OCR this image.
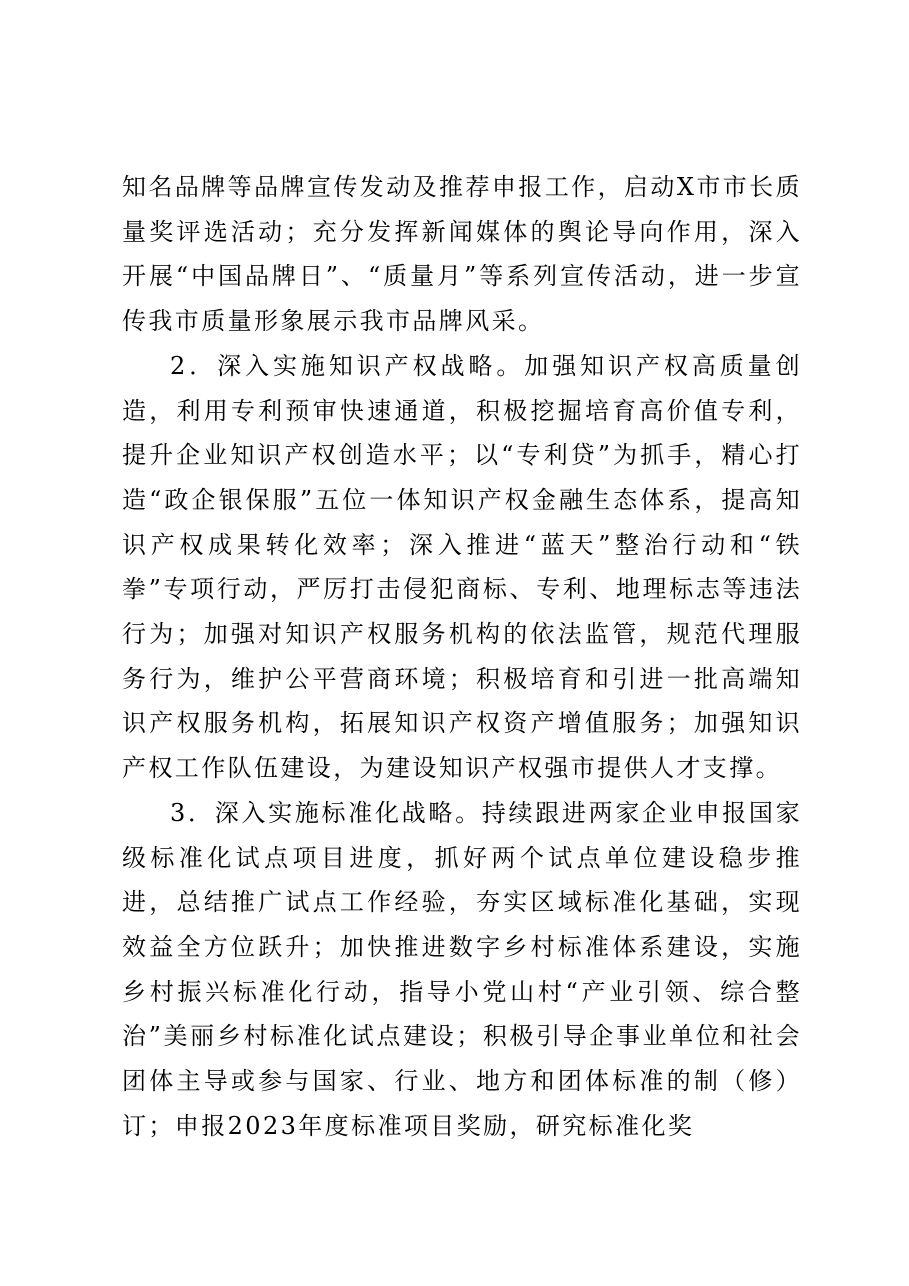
知名品牌等品牌宣传发动及推荐申报工作，启动X市市长质量奖评选活动；充分发挥新闻媒体的舆论导向作用，深入开展“中国品牌日”、“质量月”等系列宣传活动，进一步宣传我市质量形象展示我市品牌风采。

2．深入实施知识产权战略。加强知识产权高质量创造，利用专利预审快速通道，积极挖掘培育高价值专利，提升企业知识产权创造水平；以“专利贷”为抓手，精心打造“政企银保服”五位一体知识产权金融生态体系，提高知识产权成果转化效率；深入推进“蓝天”整治行动和“铁拳”专项行动，严厉打击侵犯商标、专利、地理标志等违法行为；加强对知识产权服务机构的依法监管，规范代理服务行为，维护公平营商环境；积极培育和引进一批高端知识产权服务机构，拓展知识产权资产增值服务；加强知识产权工作队伍建设，为建设知识产权强市提供人才支撑。

3．深入实施标准化战略。持续跟进两家企业申报国家级标准化试点项目进度，抓好两个试点单位建设稳步推进，总结推广试点工作经验，夯实区域标准化基础，实现效益全方位跃升；加快推进数字乡村标准体系建设，实施乡村振兴标准化行动，指导小党山村“产业引领、综合整治”美丽乡村标准化试点建设；积极引导企事业单位和社会团体主导或参与国家、行业、地方和团体标准的制（修）订；申报2023年度标准项目奖励，研究标准化奖
